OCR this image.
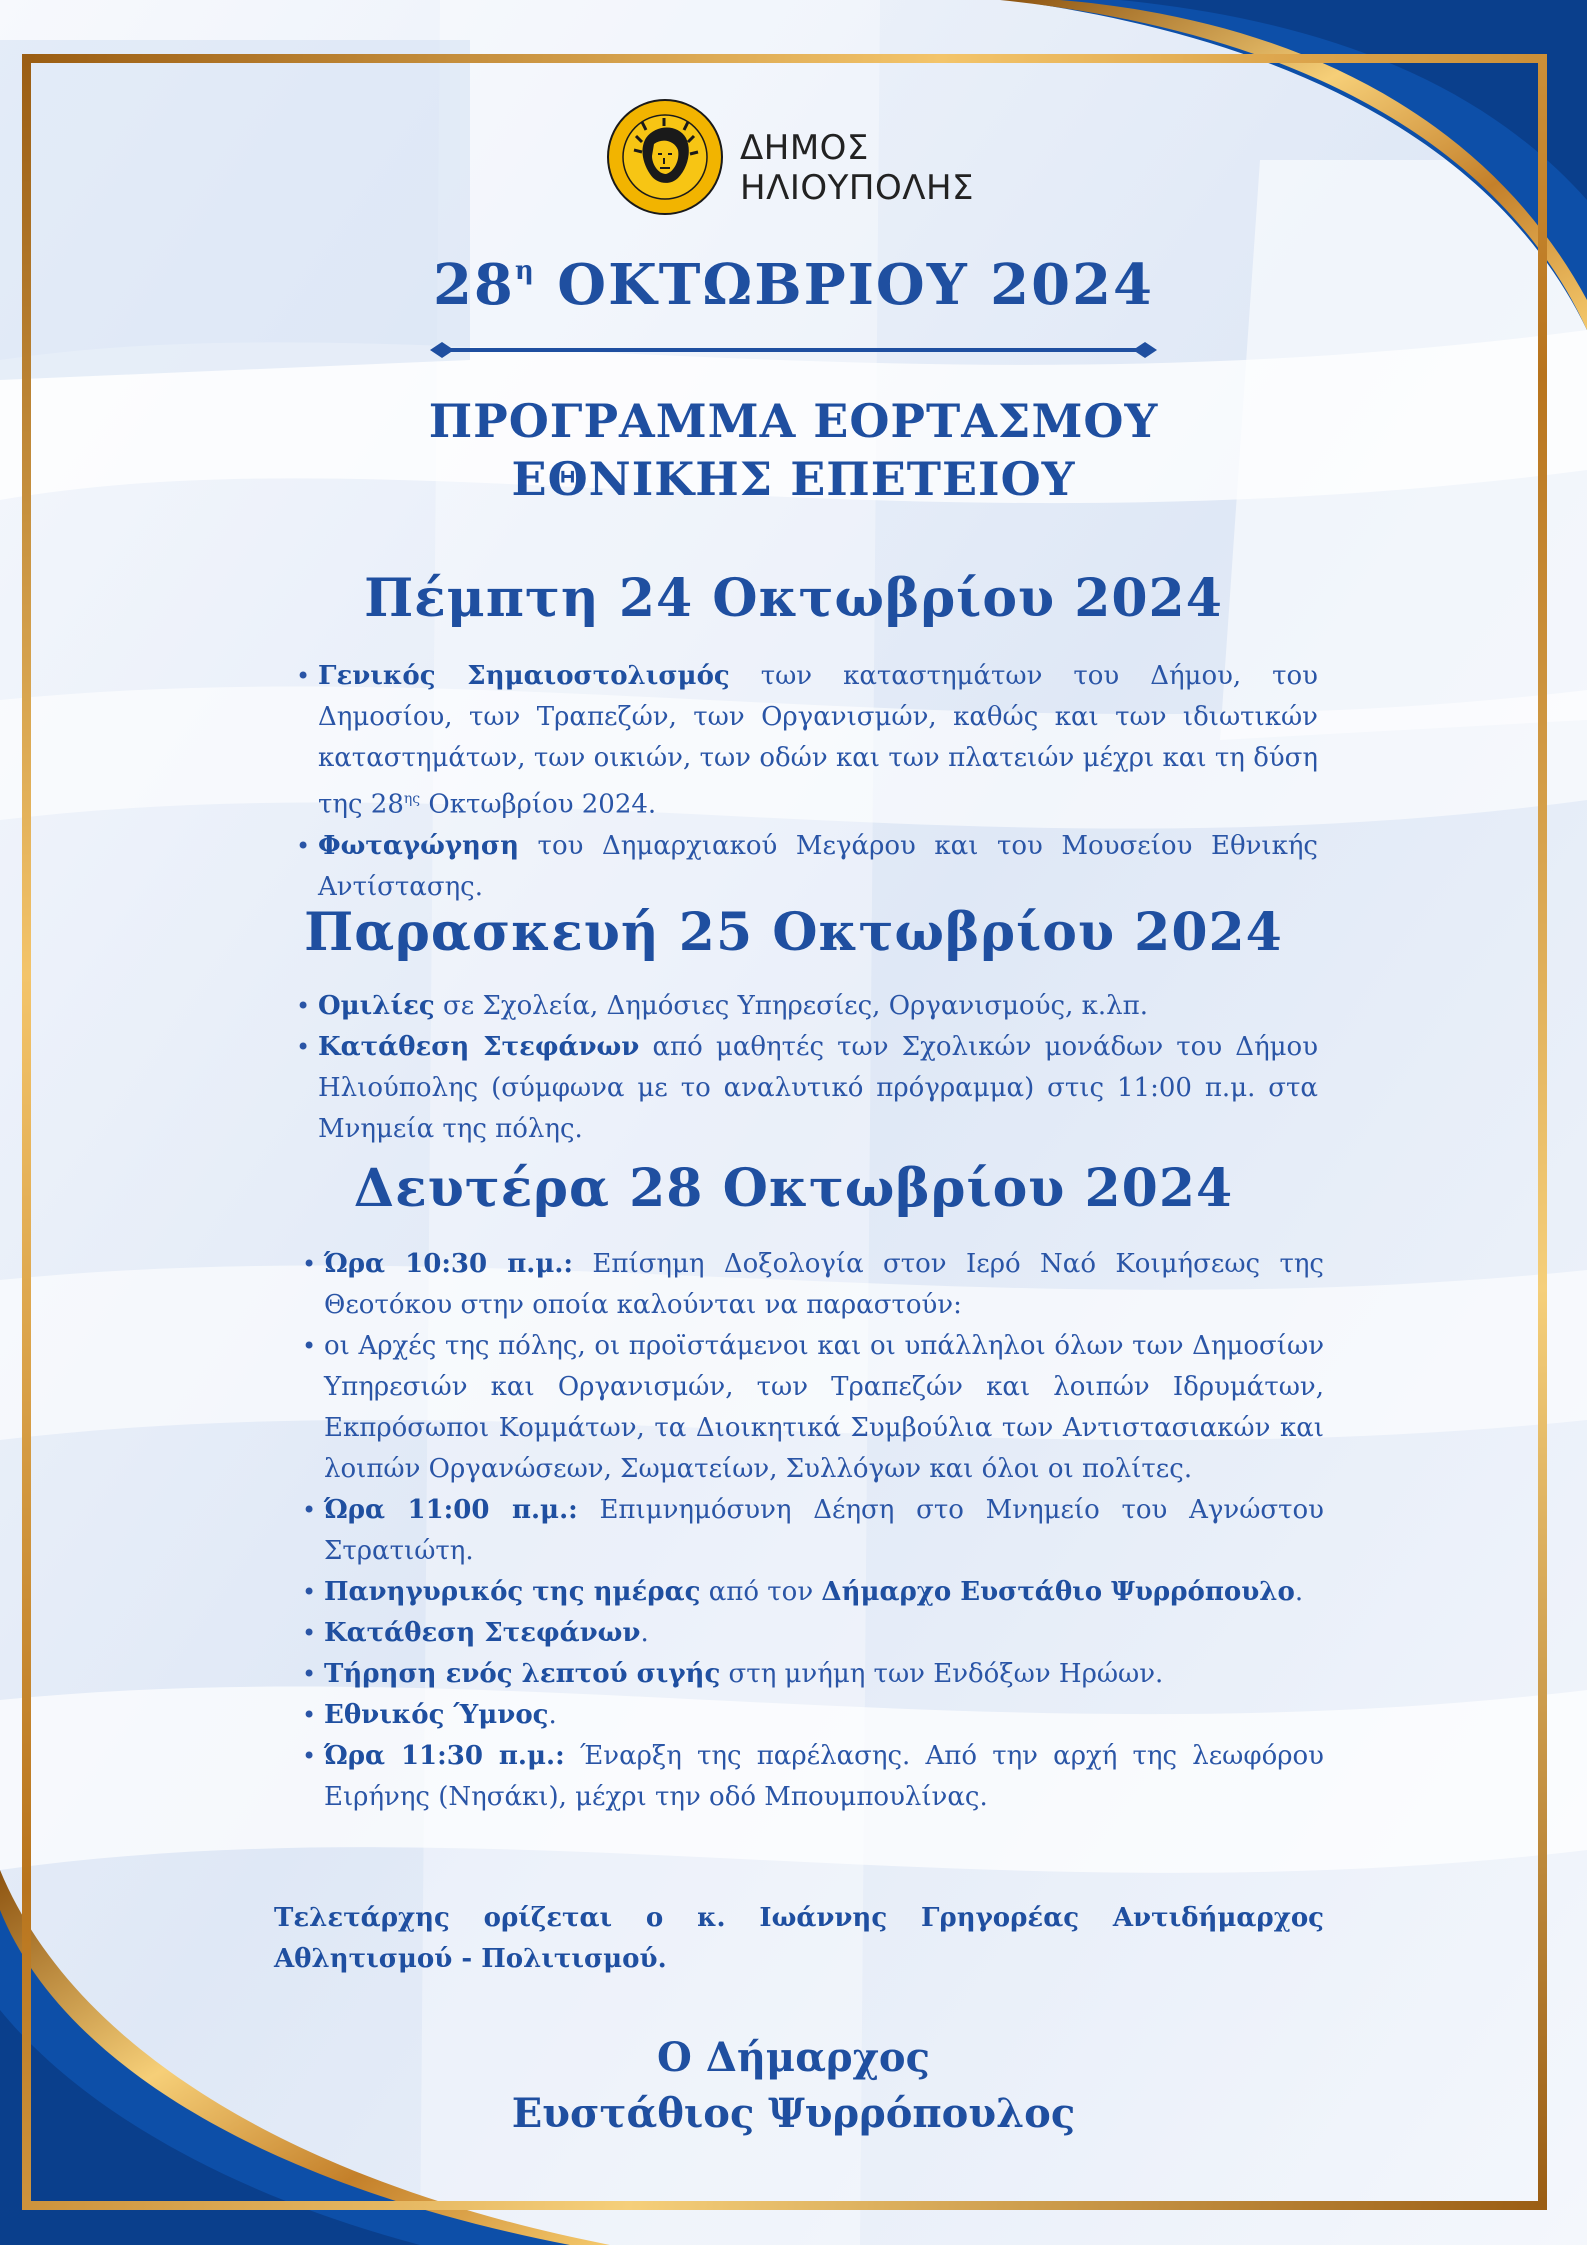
ΔΗΜΟΣ
ΗΛΙΟΥΠΟΛΗΣ
$28^\eta$ ΟΚΤΩΒΡΙΟΥ 2024
ΠΡΟΓΡΑΜΜΑ ΕΟΡΤΑΣΜΟΥ
ΕΘΝΙΚΗΣ ΕΠΕΤΕΙΟΥ
Πέμπτη 24 Οκτωβρίου 2024
• Γενικός Σημαιοστολισμός των καταστημάτων του Δήμου, του Δημοσίου, των Τραπεζών, των Οργανισμών, καθώς και των ιδιωτικών καταστημάτων, των οικιών, των οδών και των πλατειών μέχρι και τη δύση της $28^{\eta\varsigma}$ Οκτωβρίου 2024.
• Φωταγώγηση του Δημαρχιακού Μεγάρου και του Μουσείου Εθνικής Αντίστασης.
Παρασκευή 25 Οκτωβρίου 2024
• Ομιλίες σε Σχολεία, Δημόσιες Υπηρεσίες, Οργανισμούς, κ.λπ.
• Κατάθεση Στεφάνων από μαθητές των Σχολικών μονάδων του Δήμου Ηλιούπολης (σύμφωνα με το αναλυτικό πρόγραμμα) στις 11:00 π.μ. στα Μνημεία της πόλης.
Δευτέρα 28 Οκτωβρίου 2024
• Ώρα 10:30 π.μ.: Επίσημη Δοξολογία στον Ιερό Ναό Κοιμήσεως της Θεοτόκου στην οποία καλούνται να παραστούν:
• οι Αρχές της πόλης, οι προϊστάμενοι και οι υπάλληλοι όλων των Δημοσίων Υπηρεσιών και Οργανισμών, των Τραπεζών και λοιπών Ιδρυμάτων, Εκπρόσωποι Κομμάτων, τα Διοικητικά Συμβούλια των Αντιστασιακών και λοιπών Οργανώσεων, Σωματείων, Συλλόγων και όλοι οι πολίτες.
• Ώρα 11:00 π.μ.: Επιμνημόσυνη Δέηση στο Μνημείο του Αγνώστου Στρατιώτη.
• Πανηγυρικός της ημέρας από τον Δήμαρχο Ευστάθιο Ψυρρόπουλο.
• Κατάθεση Στεφάνων.
• Τήρηση ενός λεπτού σιγής στη μνήμη των Ενδόξων Ηρώων.
• Εθνικός Ύμνος.
• Ώρα 11:30 π.μ.: Έναρξη της παρέλασης. Από την αρχή της λεωφόρου Ειρήνης (Νησάκι), μέχρι την οδό Μπουμπουλίνας.
Τελετάρχης ορίζεται ο κ. Ιωάννης Γρηγορέας Αντιδήμαρχος Αθλητισμού - Πολιτισμού.
Ο Δήμαρχος
Ευστάθιος Ψυρρόπουλος
